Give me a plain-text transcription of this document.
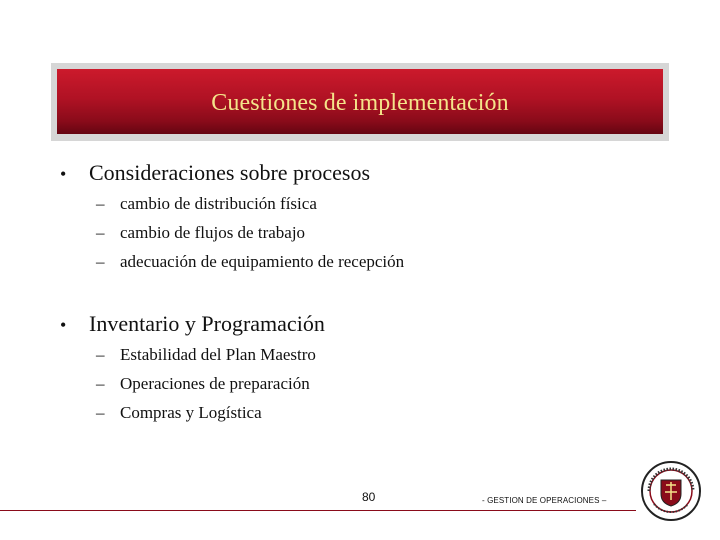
Cuestiones de implementación
•	Consideraciones sobre procesos
– cambio de distribución física
– cambio de flujos de trabajo
– adecuación de equipamiento de recepción
•	Inventario y Programación
– Estabilidad del Plan Maestro
– Operaciones de preparación
– Compras y Logística
80	- GESTION DE OPERACIONES –
